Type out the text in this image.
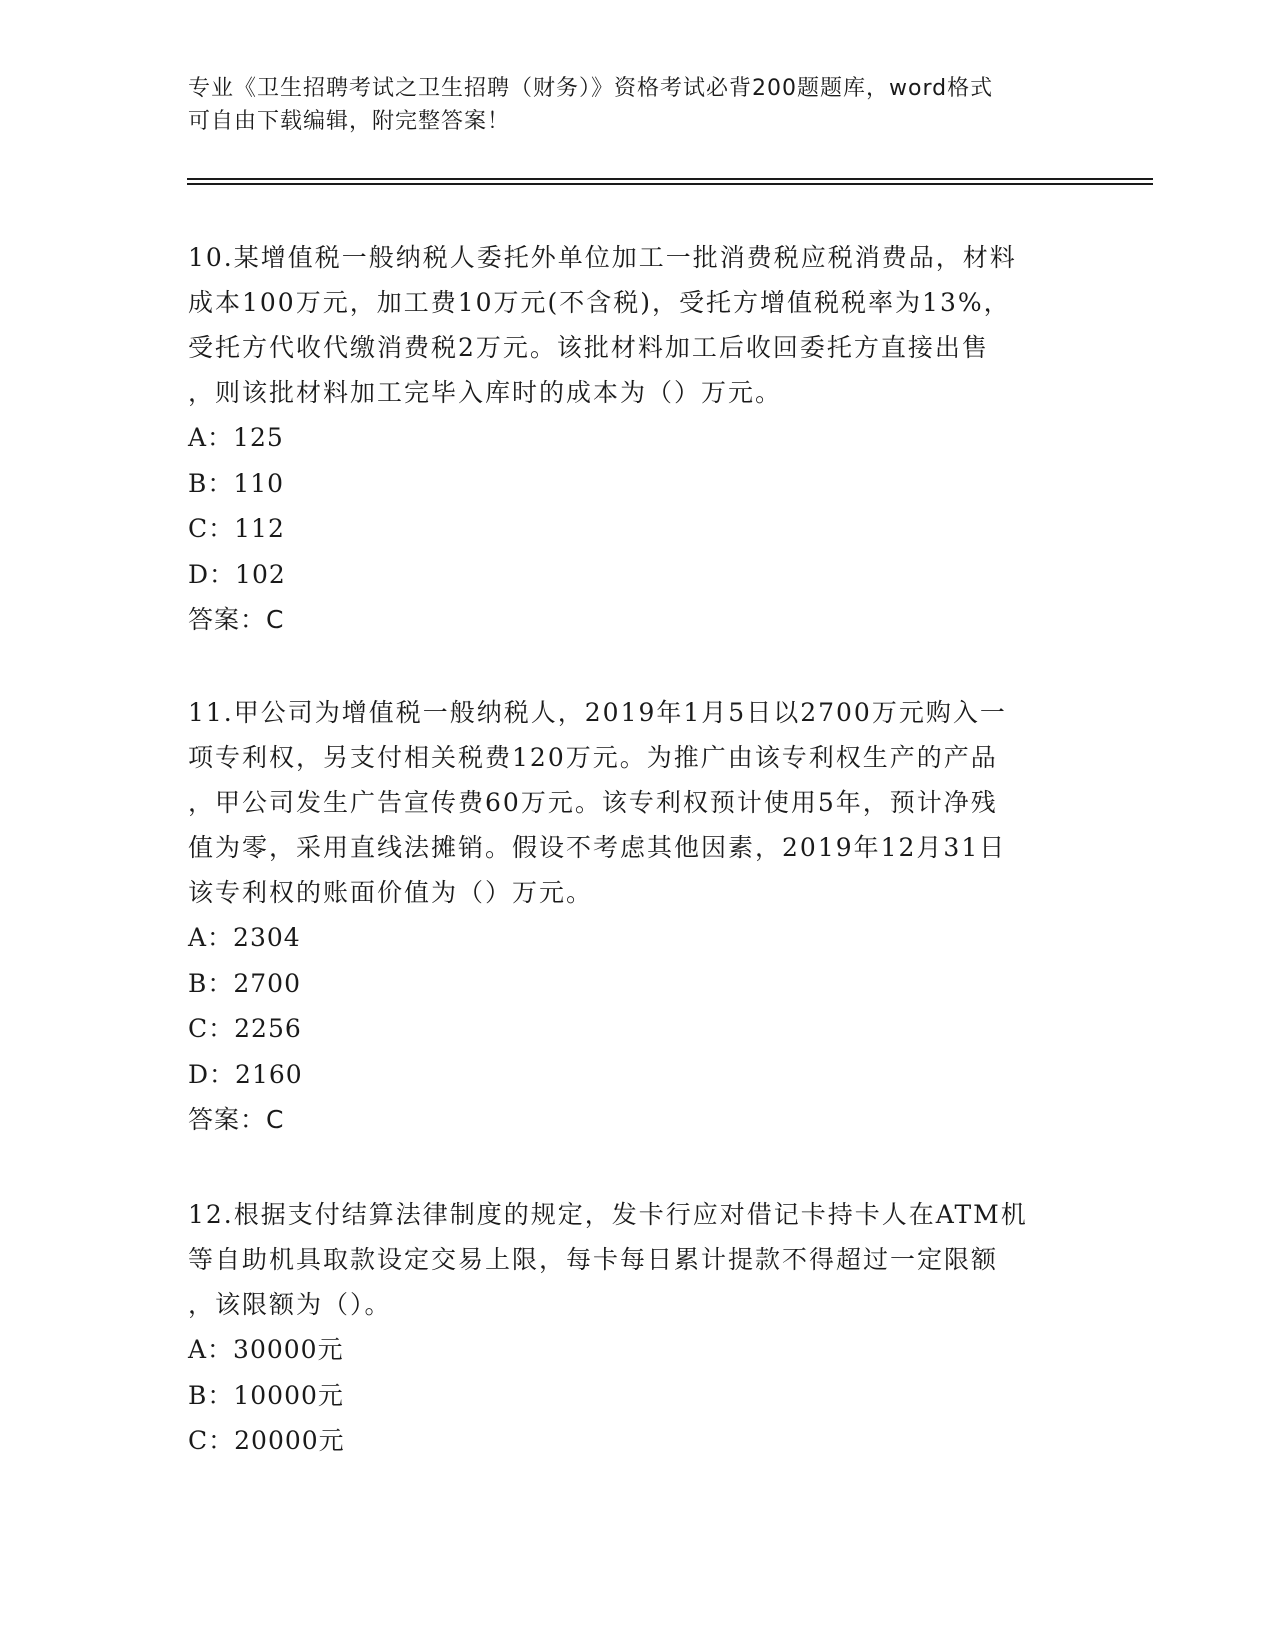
专业《卫生招聘考试之卫生招聘（财务）》资格考试必背200题题库，word格式
可自由下载编辑，附完整答案！

10.某增值税一般纳税人委托外单位加工一批消费税应税消费品，材料

成本100万元，加工费10万元(不含税)，受托方增值税税率为13%，

受托方代收代缴消费税2万元。该批材料加工后收回委托方直接出售

，则该批材料加工完毕入库时的成本为（）万元。

A：125

B：110

C：112

D：102

答案：C

11.甲公司为增值税一般纳税人，2019年1月5日以2700万元购入一

项专利权，另支付相关税费120万元。为推广由该专利权生产的产品

，甲公司发生广告宣传费60万元。该专利权预计使用5年，预计净残

值为零，采用直线法摊销。假设不考虑其他因素，2019年12月31日

该专利权的账面价值为（）万元。

A：2304

B：2700

C：2256

D：2160

答案：C

12.根据支付结算法律制度的规定，发卡行应对借记卡持卡人在ATM机

等自助机具取款设定交易上限，每卡每日累计提款不得超过一定限额

，该限额为（）。

A：30000元

B：10000元

C：20000元
